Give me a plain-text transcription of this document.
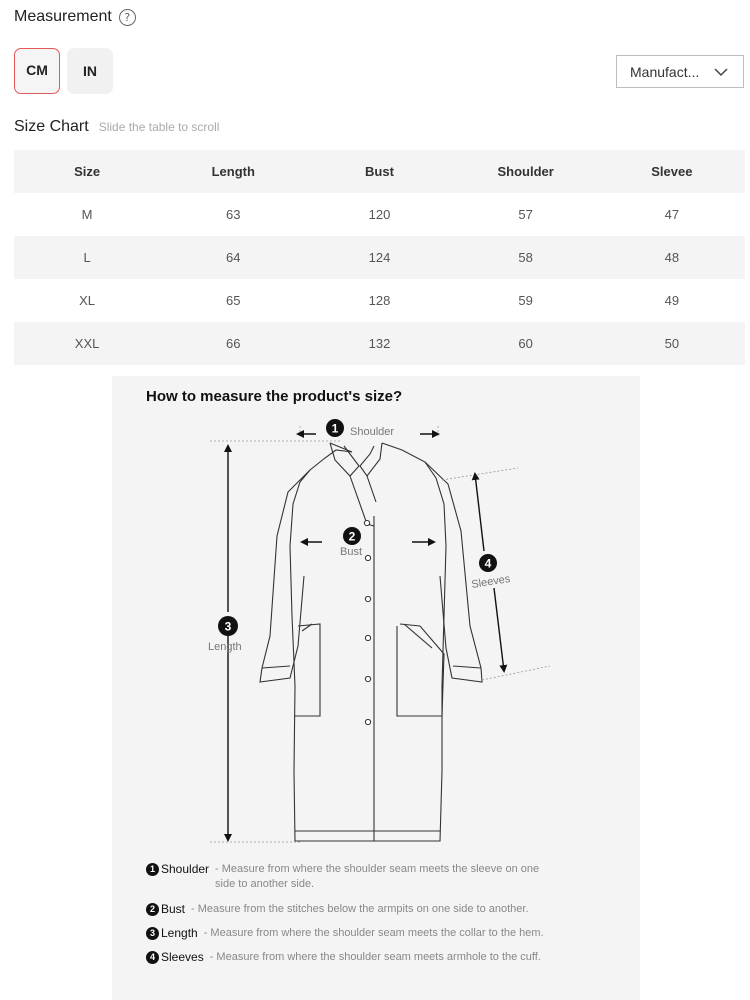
Measurement	?
CM	IN	Manufact...
Size Chart Slide the table to scroll
Size	Length	Bust	Shoulder	Slevee
M	63	120	57	47
L	64	124	58	48
XL	65	128	59	49
XXL	66	132	60	50
How to measure the product's size?
1
2
3
4
Shoulder
Bust
Length
Sleeves
1 Shoulder - Measure from where the shoulder seam meets the sleeve on one
side to another side.
2 Bust - Measure from the stitches below the armpits on one side to another.
3 Length - Measure from where the shoulder seam meets the collar to the hem.
4 Sleeves - Measure from where the shoulder seam meets armhole to the cuff.
